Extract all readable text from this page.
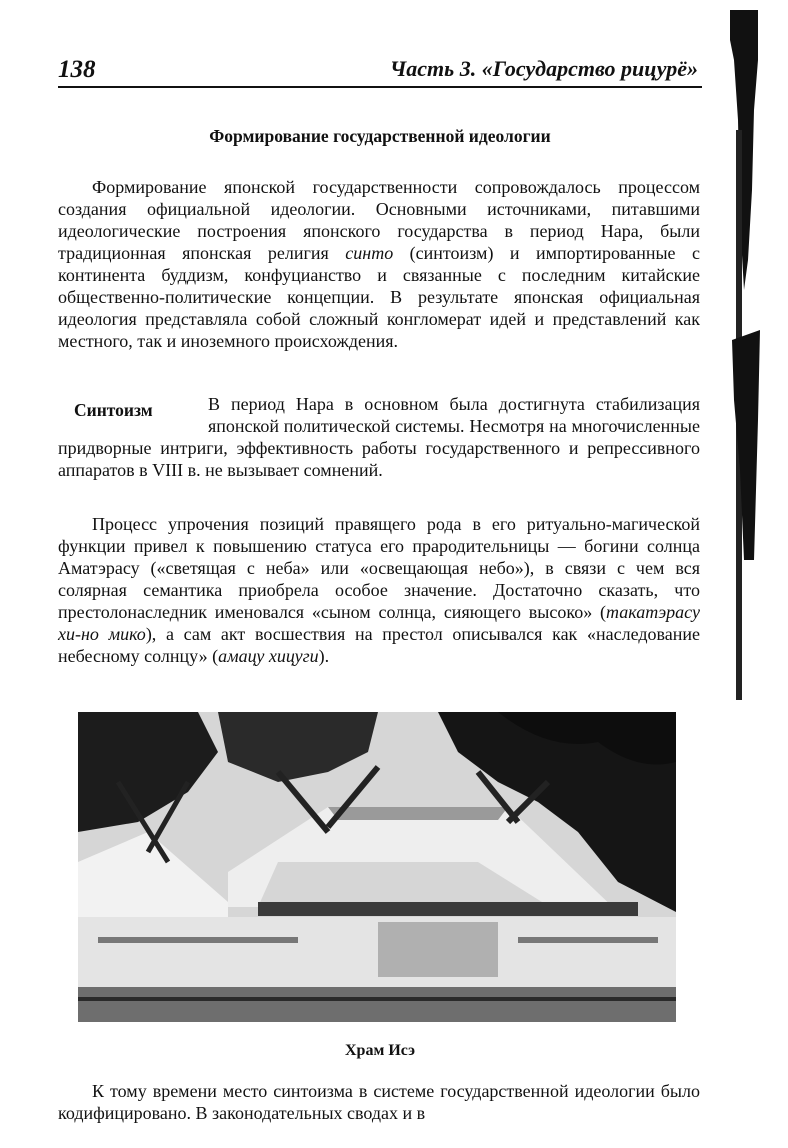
138	Часть 3. «Государство рицурё»
Формирование государственной идеологии
Формирование японской государственности сопровождалось процессом создания официальной идеологии. Основными источниками, питавшими идеологические построения японского государства в период Нара, были традиционная японская религия синто (синтоизм) и импортированные с континента буддизм, конфуцианство и связанные с последним китайские общественно-политические концепции. В результате японская официальная идеология представляла собой сложный конгломерат идей и представлений как местного, так и иноземного происхождения.
Синтоизм	В период Нара в основном была достигнута стабилизация японской политической системы. Несмотря на многочисленные придворные интриги, эффективность работы государственного и репрессивного аппаратов в VIII в. не вызывает сомнений.
Процесс упрочения позиций правящего рода в его ритуально-магической функции привел к повышению статуса его прародительницы — богини солнца Аматэрасу («светящая с неба» или «освещающая небо»), в связи с чем вся солярная семантика приобрела особое значение. Достаточно сказать, что престолонаследник именовался «сыном солнца, сияющего высоко» (такатэрасу хи-но мико), а сам акт восшествия на престол описывался как «наследование небесному солнцу» (амацу хицуги).
Храм Исэ
К тому времени место синтоизма в системе государственной идеологии было кодифицировано. В законодательных сводах и в
